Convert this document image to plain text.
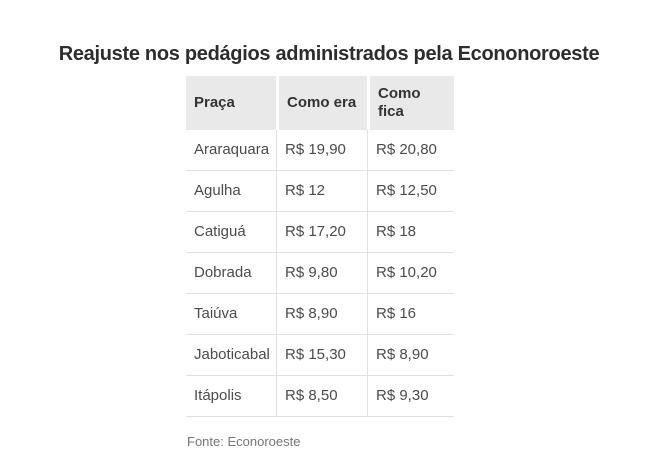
Reajuste nos pedágios administrados pela Econonoroeste
Praça	Como era	Como fica
Araraquara	R$ 19,90	R$ 20,80
Agulha	R$ 12	R$ 12,50
Catiguá	R$ 17,20	R$ 18
Dobrada	R$ 9,80	R$ 10,20
Taiúva	R$ 8,90	R$ 16
Jaboticabal	R$ 15,30	R$ 8,90
Itápolis	R$ 8,50	R$ 9,30
Fonte: Econoroeste
